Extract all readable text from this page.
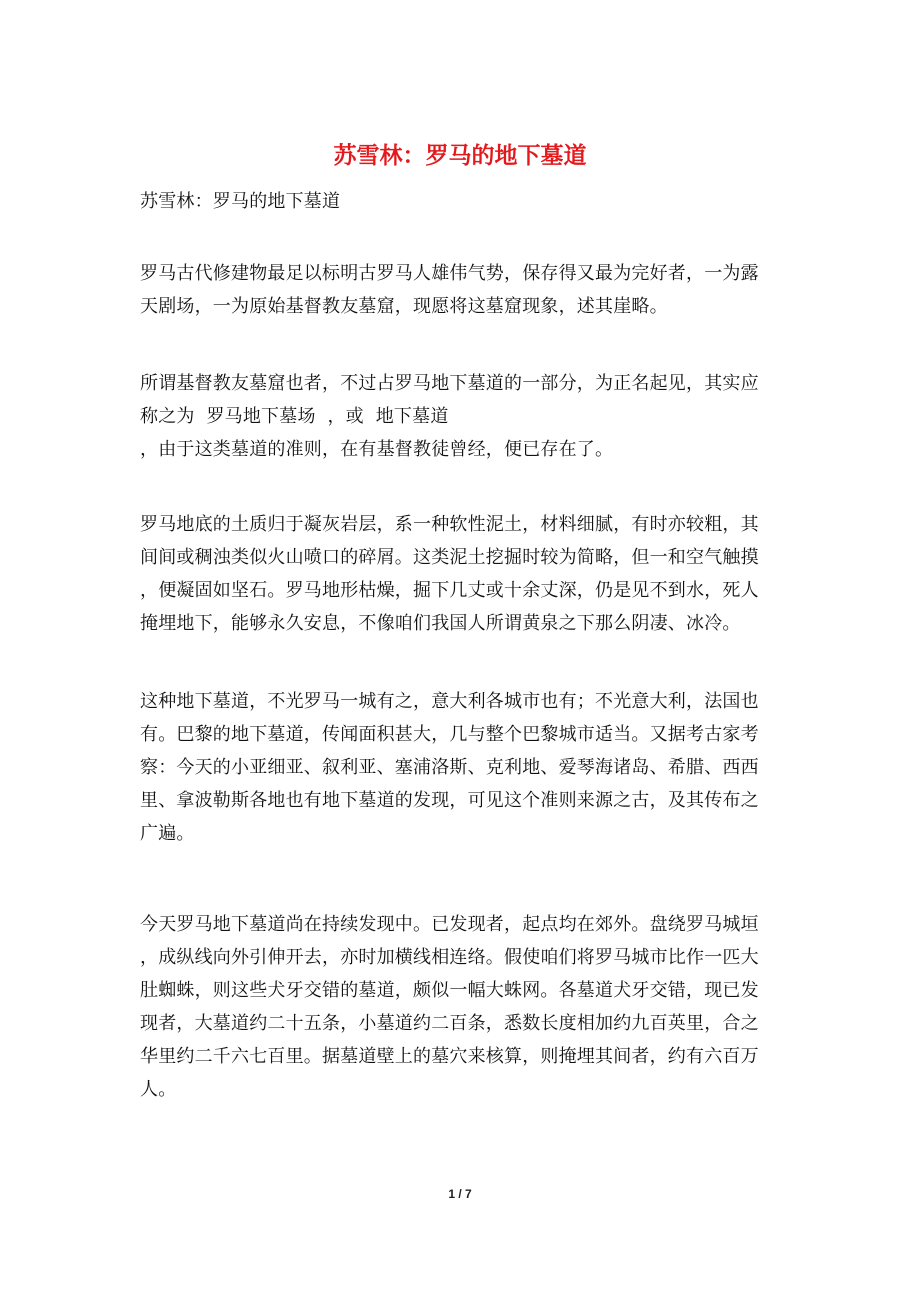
苏雪林：罗马的地下墓道

苏雪林：罗马的地下墓道

罗马古代修建物最足以标明古罗马人雄伟气势，保存得又最为完好者，一为露
天剧场，一为原始基督教友墓窟，现愿将这墓窟现象，述其崖略。

所谓基督教友墓窟也者，不过占罗马地下墓道的一部分，为正名起见，其实应
称之为  罗马地下墓场  ，或  地下墓道
，由于这类墓道的准则，在有基督教徒曾经，便已存在了。

罗马地底的土质归于凝灰岩层，系一种软性泥土，材料细腻，有时亦较粗，其
间间或稠浊类似火山喷口的碎屑。这类泥土挖掘时较为简略，但一和空气触摸
，便凝固如坚石。罗马地形枯燥，掘下几丈或十余丈深，仍是见不到水，死人
掩埋地下，能够永久安息，不像咱们我国人所谓黄泉之下那么阴凄、冰冷。

这种地下墓道，不光罗马一城有之，意大利各城市也有；不光意大利，法国也
有。巴黎的地下墓道，传闻面积甚大，几与整个巴黎城市适当。又据考古家考
察：今天的小亚细亚、叙利亚、塞浦洛斯、克利地、爱琴海诸岛、希腊、西西
里、拿波勒斯各地也有地下墓道的发现，可见这个准则来源之古，及其传布之
广遍。

今天罗马地下墓道尚在持续发现中。已发现者，起点均在郊外。盘绕罗马城垣
，成纵线向外引伸开去，亦时加横线相连络。假使咱们将罗马城市比作一匹大
肚蜘蛛，则这些犬牙交错的墓道，颇似一幅大蛛网。各墓道犬牙交错，现已发
现者，大墓道约二十五条，小墓道约二百条，悉数长度相加约九百英里，合之
华里约二千六七百里。据墓道壁上的墓穴来核算，则掩埋其间者，约有六百万
人。

1 / 7
